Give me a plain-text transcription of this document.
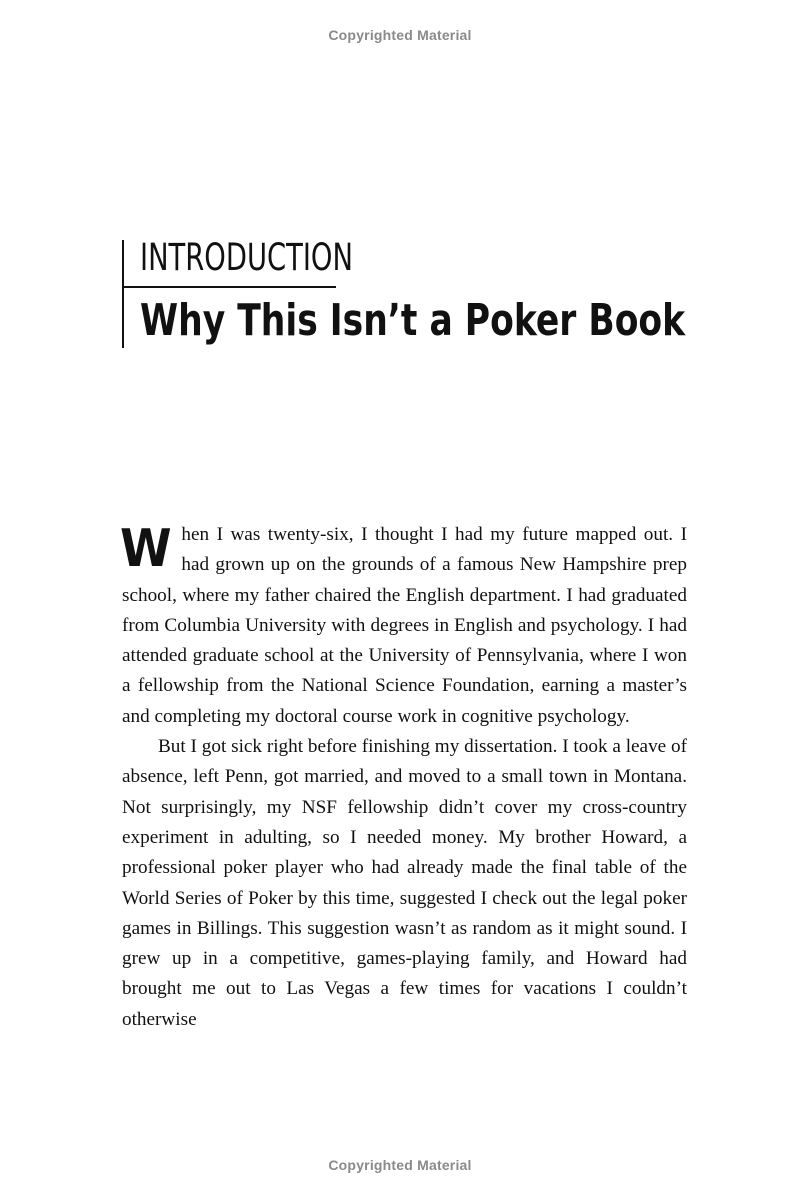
Copyrighted Material
INTRODUCTION
Why This Isn’t a Poker Book

When I was twenty-six, I thought I had my future mapped out. I had grown up on the grounds of a famous New Hampshire prep school, where my father chaired the English department. I had graduated from Columbia University with degrees in English and psychology. I had attended graduate school at the University of Pennsylvania, where I won a fellowship from the National Science Foundation, earning a master’s and completing my doctoral course work in cognitive psychology.

But I got sick right before finishing my dissertation. I took a leave of absence, left Penn, got married, and moved to a small town in Montana. Not surprisingly, my NSF fellowship didn’t cover my cross-country experiment in adulting, so I needed money. My brother Howard, a professional poker player who had already made the final table of the World Series of Poker by this time, suggested I check out the legal poker games in Billings. This suggestion wasn’t as random as it might sound. I grew up in a competitive, games-playing family, and Howard had brought me out to Las Vegas a few times for vacations I couldn’t otherwise

Copyrighted Material
